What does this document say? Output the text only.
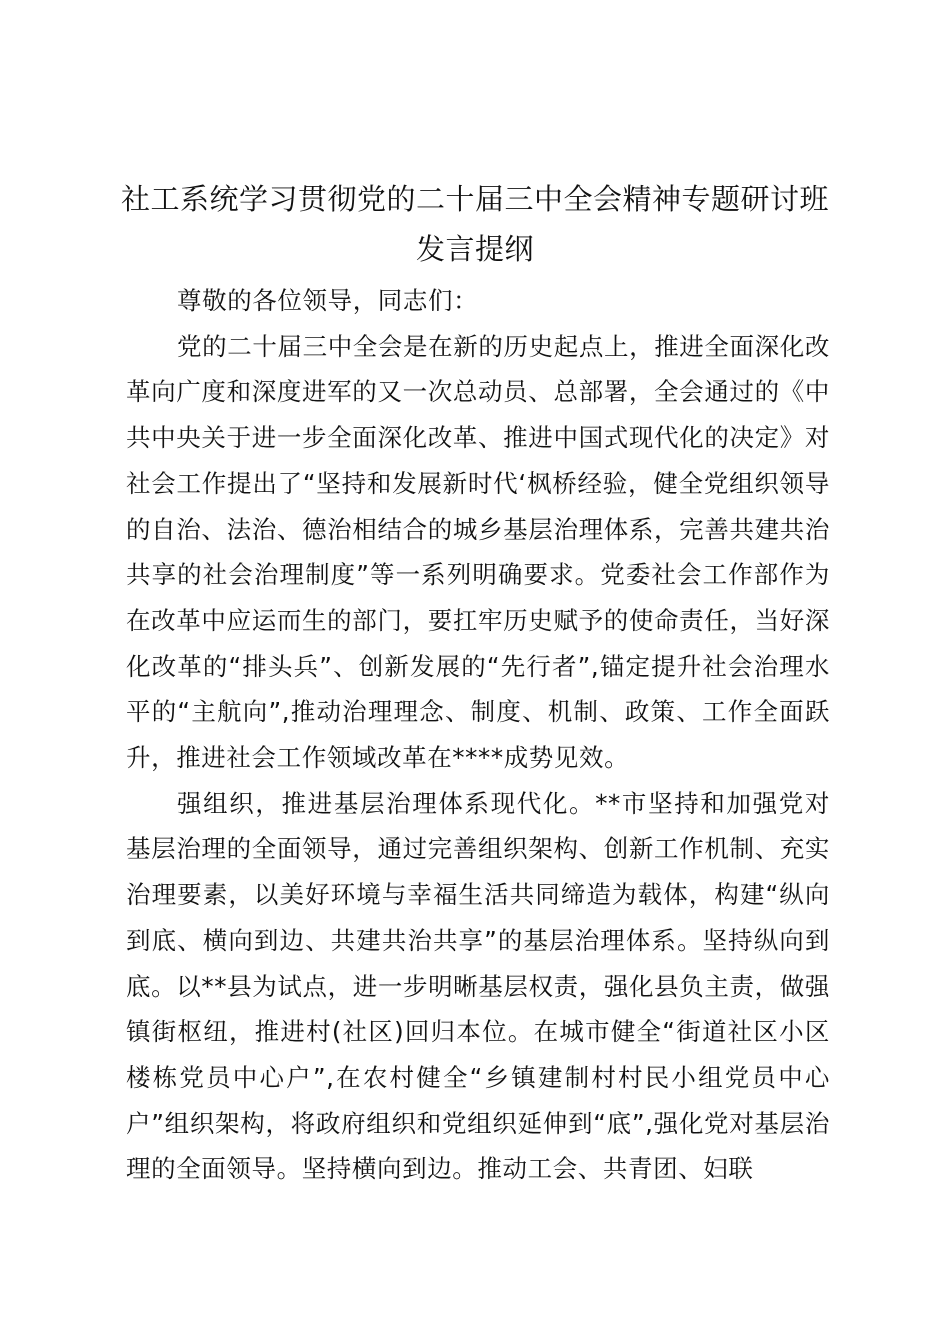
社工系统学习贯彻党的二十届三中全会精神专题研讨班
发言提纲

尊敬的各位领导，同志们：

党的二十届三中全会是在新的历史起点上，推进全面深化改革向广度和深度进军的又一次总动员、总部署，全会通过的《中共中央关于进一步全面深化改革、推进中国式现代化的决定》对社会工作提出了“坚持和发展新时代‘枫桥经验，健全党组织领导的自治、法治、德治相结合的城乡基层治理体系，完善共建共治共享的社会治理制度”等一系列明确要求。党委社会工作部作为在改革中应运而生的部门，要扛牢历史赋予的使命责任，当好深化改革的“排头兵”、创新发展的“先行者”,锚定提升社会治理水平的“主航向”,推动治理理念、制度、机制、政策、工作全面跃升，推进社会工作领域改革在****成势见效。

强组织，推进基层治理体系现代化。**市坚持和加强党对基层治理的全面领导，通过完善组织架构、创新工作机制、充实治理要素，以美好环境与幸福生活共同缔造为载体，构建“纵向到底、横向到边、共建共治共享”的基层治理体系。坚持纵向到底。以**县为试点，进一步明晰基层权责，强化县负主责，做强镇街枢纽，推进村(社区)回归本位。在城市健全“街道社区小区楼栋党员中心户”,在农村健全“乡镇建制村村民小组党员中心户”组织架构，将政府组织和党组织延伸到“底”,强化党对基层治理的全面领导。坚持横向到边。推动工会、共青团、妇联
